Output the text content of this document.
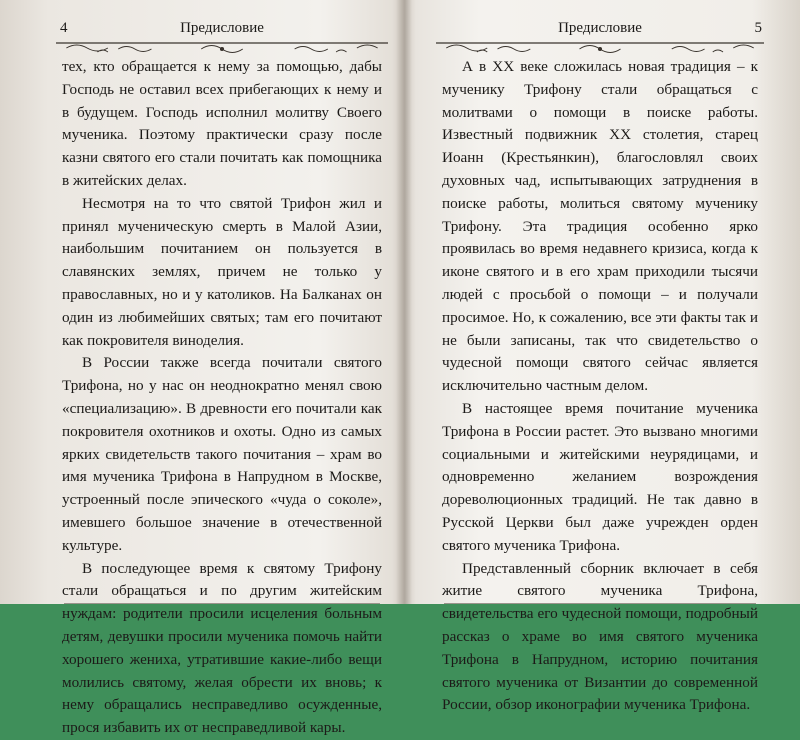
Предисловие
4

тех, кто обращается к нему за помощью, дабы Господь не оставил всех прибегающих к нему и в будущем. Господь исполнил молитву Своего мученика. Поэтому практически сразу после казни святого его стали почитать как помощника в житейских делах.

Несмотря на то что святой Трифон жил и принял мученическую смерть в Малой Азии, наибольшим почитанием он пользуется в славянских землях, причем не только у православных, но и у католиков. На Балканах он один из любимейших святых; там его почитают как покровителя виноделия.

В России также всегда почитали святого Трифона, но у нас он неоднократно менял свою «специализацию». В древности его почитали как покровителя охотников и охоты. Одно из самых ярких свидетельств такого почитания – храм во имя мученика Трифона в Напрудном в Москве, устроенный после эпического «чуда о соколе», имевшего большое значение в отечественной культуре.

В последующее время к святому Трифону стали обращаться и по другим житейским нуждам: родители просили исцеления больным детям, девушки просили мученика помочь найти хорошего жениха, утратившие какие-либо вещи молились святому, желая обрести их вновь; к нему обращались несправедливо осужденные, прося избавить их от несправедливой кары.

Предисловие	5

А в XX веке сложилась новая традиция – к мученику Трифону стали обращаться с молитвами о помощи в поиске работы. Известный подвижник XX столетия, старец Иоанн (Крестьянкин), благословлял своих духовных чад, испытывающих затруднения в поиске работы, молиться святому мученику Трифону. Эта традиция особенно ярко проявилась во время недавнего кризиса, когда к иконе святого и в его храм приходили тысячи людей с просьбой о помощи – и получали просимое. Но, к сожалению, все эти факты так и не были записаны, так что свидетельство о чудесной помощи святого сейчас является исключительно частным делом.

В настоящее время почитание мученика Трифона в России растет. Это вызвано многими социальными и житейскими неурядицами, и одновременно желанием возрождения дореволюционных традиций. Не так давно в Русской Церкви был даже учрежден орден святого мученика Трифона.

Представленный сборник включает в себя житие святого мученика Трифона, свидетельства его чудесной помощи, подробный рассказ о храме во имя святого мученика Трифона в Напрудном, историю почитания святого мученика от Византии до современной России, обзор иконографии мученика Трифона.
